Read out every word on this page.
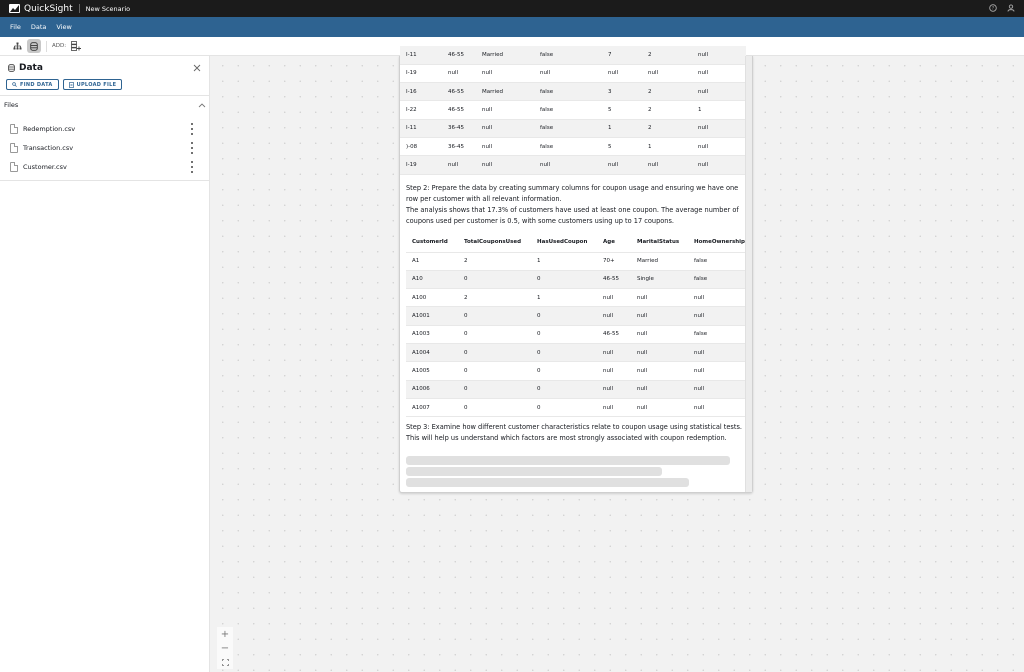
QuickSight New Scenario	?
File Data View
ADD:
Data
FIND DATA	UPLOAD FILE
Files
Redemption.csv
Transaction.csv
Customer.csv
I-11	46-55	Married	false	7	2	null
I-19	null	null	null	null	null	null
I-16	46-55	Married	false	3	2	null
I-22	46-55	null	false	5	2	1
I-11	36-45	null	false	1	2	null
)-08	36-45	null	false	5	1	null
I-19	null	null	null	null	null	null
Step 2: Prepare the data by creating summary columns for coupon usage and ensuring we have one row per customer with all relevant information.
The analysis shows that 17.3% of customers have used at least one coupon. The average number of coupons used per customer is 0.5, with some customers using up to 17 coupons.
CustomerId	TotalCouponsUsed	HasUsedCoupon	Age	MaritalStatus	HomeOwnership
A1	2	1	70+	Married	false
A10	0	0	46-55	Single	false
A100	2	1	null	null	null
A1001	0	0	null	null	null
A1003	0	0	46-55	null	false
A1004	0	0	null	null	null
A1005	0	0	null	null	null
A1006	0	0	null	null	null
A1007	0	0	null	null	null
Step 3: Examine how different customer characteristics relate to coupon usage using statistical tests. This will help us understand which factors are most strongly associated with coupon redemption.
+
−
